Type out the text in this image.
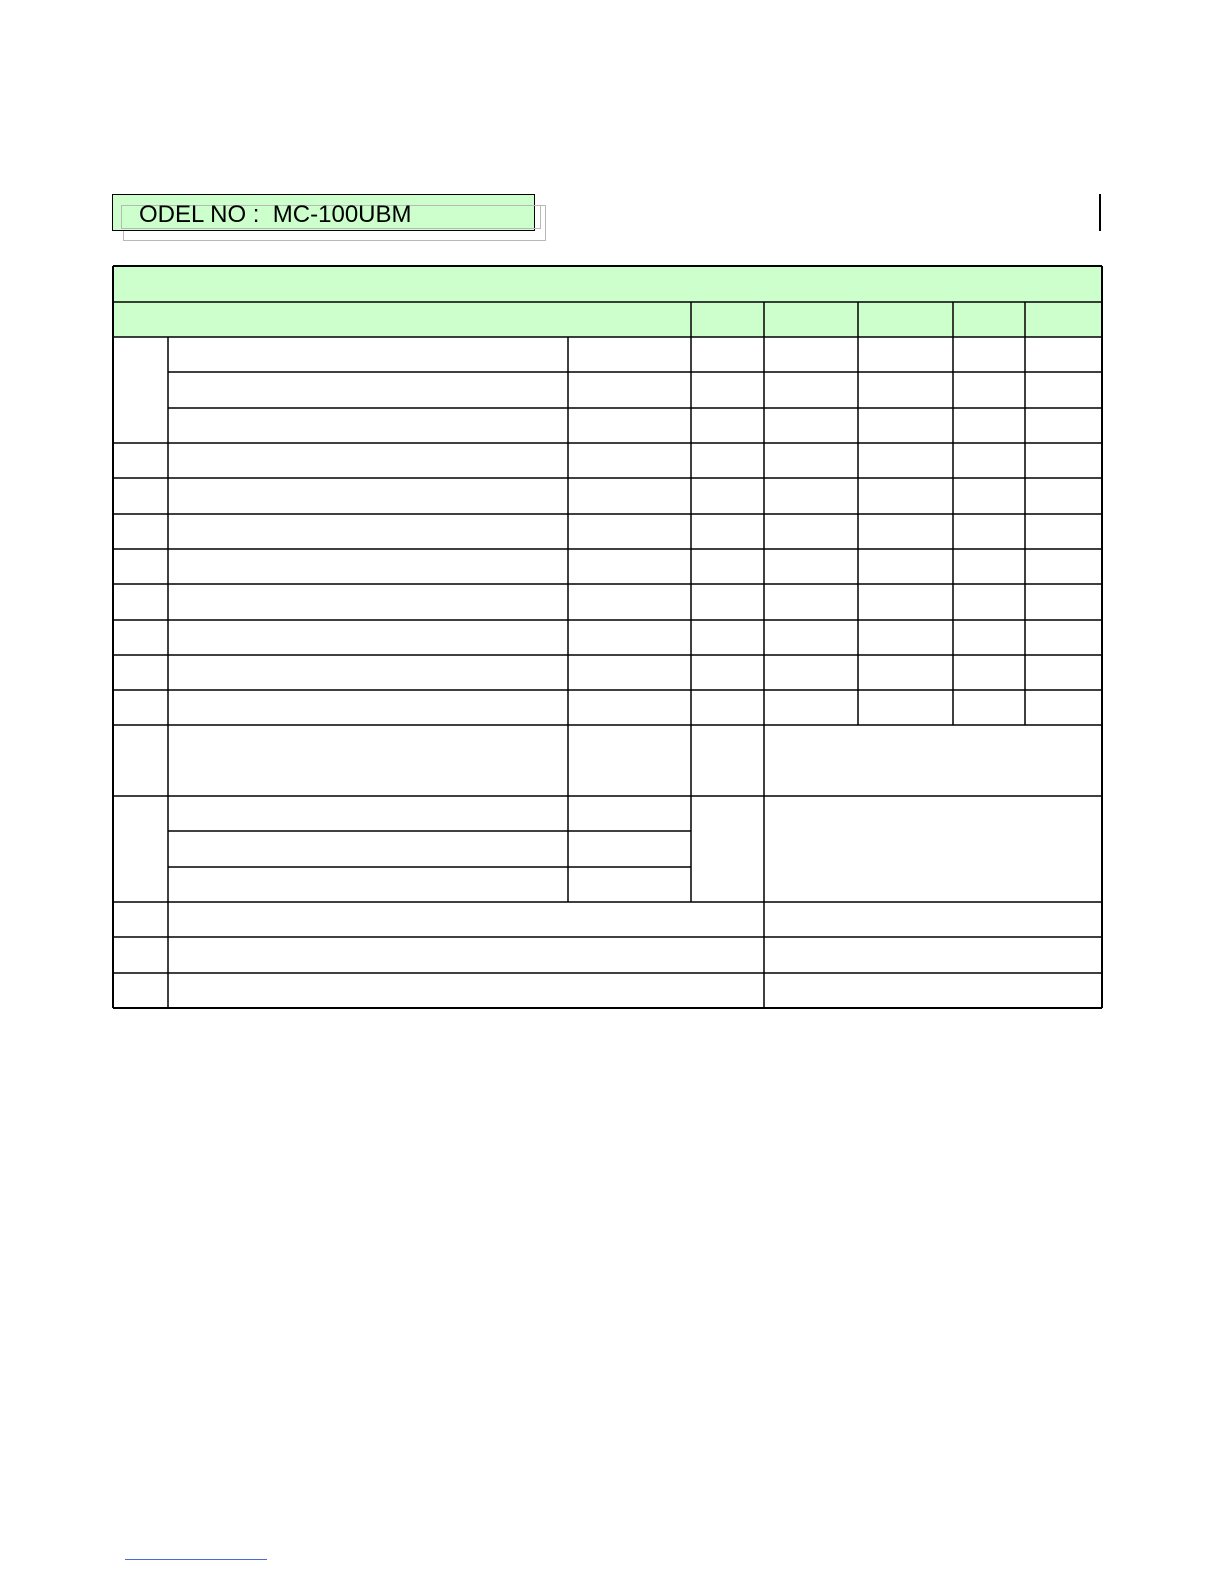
ODEL NO :  MC-100UBM
